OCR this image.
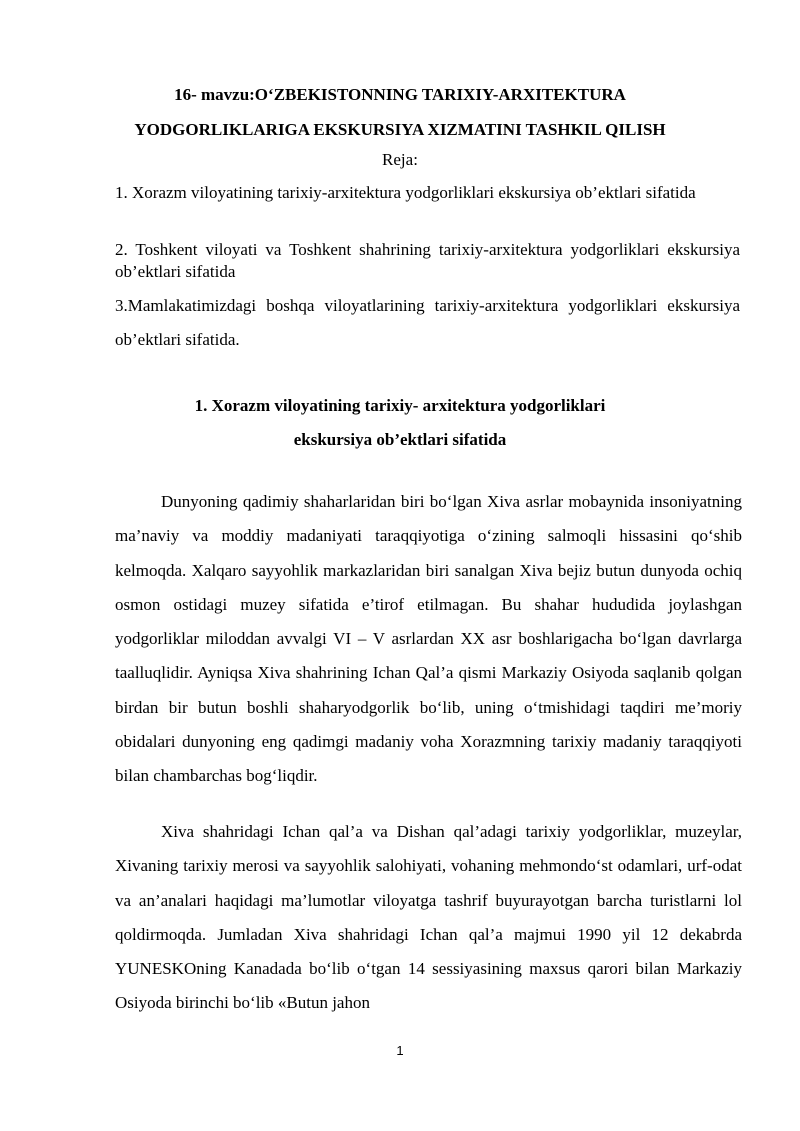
16- mavzu:O‘ZBEKISTONNING TARIXIY-ARXITEKTURA
YODGORLIKLARIGA EKSKURSIYA XIZMATINI TASHKIL QILISH
Reja:
1. Xorazm viloyatining tarixiy-arxitektura yodgorliklari ekskursiya ob’ektlari sifatida
2. Toshkent viloyati va Toshkent shahrining tarixiy-arxitektura yodgorliklari ekskursiya ob’ektlari sifatida
3.Mamlakatimizdagi boshqa viloyatlarining tarixiy-arxitektura yodgorliklari ekskursiya ob’ektlari sifatida.
1. Xorazm viloyatining tarixiy- arxitektura yodgorliklari
ekskursiya ob’ektlari sifatida
Dunyoning qadimiy shaharlaridan biri bo‘lgan Xiva asrlar mobaynida insoniyatning ma’naviy va moddiy madaniyati taraqqiyotiga o‘zining salmoqli hissasini qo‘shib kelmoqda. Xalqaro sayyohlik markazlaridan biri sanalgan Xiva bejiz butun dunyoda ochiq osmon ostidagi muzey sifatida e’tirof etilmagan. Bu shahar hududida joylashgan yodgorliklar miloddan avvalgi VI – V asrlardan XX asr boshlarigacha bo‘lgan davrlarga taalluqlidir. Ayniqsa Xiva shahrining Ichan Qal’a qismi Markaziy Osiyoda saqlanib qolgan birdan bir butun boshli shaharyodgorlik bo‘lib, uning o‘tmishidagi taqdiri me’moriy obidalari dunyoning eng qadimgi madaniy voha Xorazmning tarixiy madaniy taraqqiyoti bilan chambarchas bog‘liqdir.
Xiva shahridagi Ichan qal’a va Dishan qal’adagi tarixiy yodgorliklar, muzeylar, Xivaning tarixiy merosi va sayyohlik salohiyati, vohaning mehmondo‘st odamlari, urf-odat va an’analari haqidagi ma’lumotlar viloyatga tashrif buyurayotgan barcha turistlarni lol qoldirmoqda. Jumladan Xiva shahridagi Ichan qal’a majmui 1990 yil 12 dekabrda YUNESKOning Kanadada bo‘lib o‘tgan 14 sessiyasining maxsus qarori bilan Markaziy Osiyoda birinchi bo‘lib «Butun jahon
1
